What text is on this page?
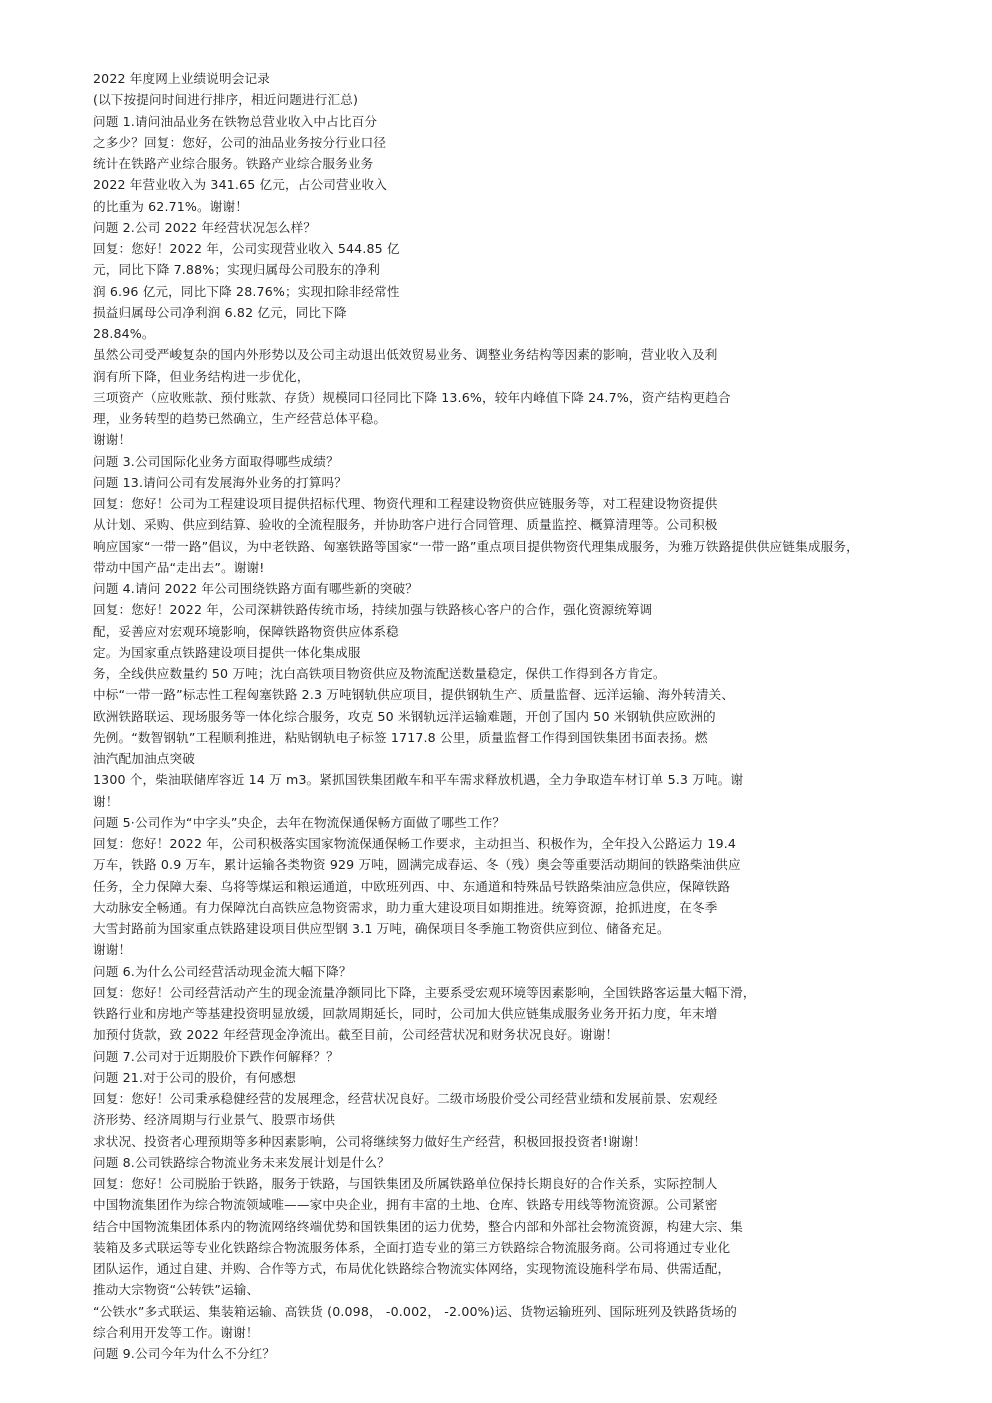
2022 年度网上业绩说明会记录
(以下按提问时间进行排序，相近问题进行汇总)
问题 1.请问油品业务在铁物总营业收入中占比百分
之多少？回复：您好，公司的油品业务按分行业口径
统计在铁路产业综合服务。铁路产业综合服务业务
2022 年营业收入为 341.65 亿元，占公司营业收入
的比重为 62.71%。谢谢！
问题 2.公司 2022 年经营状况怎么样？
回复：您好！2022 年，公司实现营业收入 544.85 亿
元，同比下降 7.88%；实现归属母公司股东的净利
润 6.96 亿元，同比下降 28.76%；实现扣除非经常性
损益归属母公司净利润 6.82 亿元，同比下降
28.84%。
虽然公司受严峻复杂的国内外形势以及公司主动退出低效贸易业务、调整业务结构等因素的影响，营业收入及利
润有所下降，但业务结构进一步优化，
三项资产（应收账款、预付账款、存货）规模同口径同比下降 13.6%，较年内峰值下降 24.7%，资产结构更趋合
理，业务转型的趋势已然确立，生产经营总体平稳。
谢谢！
问题 3.公司国际化业务方面取得哪些成绩？
问题 13.请问公司有发展海外业务的打算吗？
回复：您好！公司为工程建设项目提供招标代理、物资代理和工程建设物资供应链服务等，对工程建设物资提供
从计划、采购、供应到结算、验收的全流程服务，并协助客户进行合同管理、质量监控、概算清理等。公司积极
响应国家“一带一路”倡议，为中老铁路、匈塞铁路等国家“一带一路”重点项目提供物资代理集成服务，为雅万铁路提供供应链集成服务，
带动中国产品“走出去”。谢谢!
问题 4.请问 2022 年公司围绕铁路方面有哪些新的突破？
回复：您好！2022 年，公司深耕铁路传统市场，持续加强与铁路核心客户的合作，强化资源统筹调
配，妥善应对宏观环境影响，保障铁路物资供应体系稳
定。为国家重点铁路建设项目提供一体化集成服
务，全线供应数量约 50 万吨；沈白高铁项目物资供应及物流配送数量稳定，保供工作得到各方肯定。
中标“一带一路”标志性工程匈塞铁路 2.3 万吨钢轨供应项目，提供钢轨生产、质量监督、远洋运输、海外转清关、
欧洲铁路联运、现场服务等一体化综合服务，攻克 50 米钢轨远洋运输难题，开创了国内 50 米钢轨供应欧洲的
先例。“数智钢轨”工程顺利推进，粘贴钢轨电子标签 1717.8 公里，质量监督工作得到国铁集团书面表扬。燃
油汽配加油点突破
1300 个，柴油联储库容近 14 万 m3。紧抓国铁集团敞车和平车需求释放机遇，全力争取造车材订单 5.3 万吨。谢
谢！
问题 5·公司作为“中字头”央企，去年在物流保通保畅方面做了哪些工作？
回复：您好！2022 年，公司积极落实国家物流保通保畅工作要求，主动担当、积极作为，全年投入公路运力 19.4
万车，铁路 0.9 万车，累计运输各类物资 929 万吨，圆满完成春运、冬（残）奥会等重要活动期间的铁路柴油供应
任务，全力保障大秦、乌将等煤运和粮运通道，中欧班列西、中、东通道和特殊品号铁路柴油应急供应，保障铁路
大动脉安全畅通。有力保障沈白高铁应急物资需求，助力重大建设项目如期推进。统筹资源，抢抓进度，在冬季
大雪封路前为国家重点铁路建设项目供应型钢 3.1 万吨，确保项目冬季施工物资供应到位、储备充足。
谢谢！
问题 6.为什么公司经营活动现金流大幅下降？
回复：您好！公司经营活动产生的现金流量净额同比下降，主要系受宏观环境等因素影响，全国铁路客运量大幅下滑，
铁路行业和房地产等基建投资明显放缓，回款周期延长，同时，公司加大供应链集成服务业务开拓力度，年末增
加预付货款，致 2022 年经营现金净流出。截至目前，公司经营状况和财务状况良好。谢谢！
问题 7.公司对于近期股价下跌作何解释？？
问题 21.对于公司的股价，有何感想
回复：您好！公司秉承稳健经营的发展理念，经营状况良好。二级市场股价受公司经营业绩和发展前景、宏观经
济形势、经济周期与行业景气、股票市场供
求状况、投资者心理预期等多种因素影响，公司将继续努力做好生产经营，积极回报投资者!谢谢！
问题 8.公司铁路综合物流业务未来发展计划是什么？
回复：您好！公司脱胎于铁路，服务于铁路，与国铁集团及所属铁路单位保持长期良好的合作关系，实际控制人
中国物流集团作为综合物流领域唯——家中央企业，拥有丰富的土地、仓库、铁路专用线等物流资源。公司紧密
结合中国物流集团体系内的物流网络终端优势和国铁集团的运力优势，整合内部和外部社会物流资源，构建大宗、集
装箱及多式联运等专业化铁路综合物流服务体系，全面打造专业的第三方铁路综合物流服务商。公司将通过专业化
团队运作，通过自建、并购、合作等方式，布局优化铁路综合物流实体网络，实现物流设施科学布局、供需适配，
推动大宗物资“公转铁”运输、
“公铁水”多式联运、集装箱运输、高铁货 (0.098， -0.002， -2.00%)运、货物运输班列、国际班列及铁路货场的
综合利用开发等工作。谢谢！
问题 9.公司今年为什么不分红？
